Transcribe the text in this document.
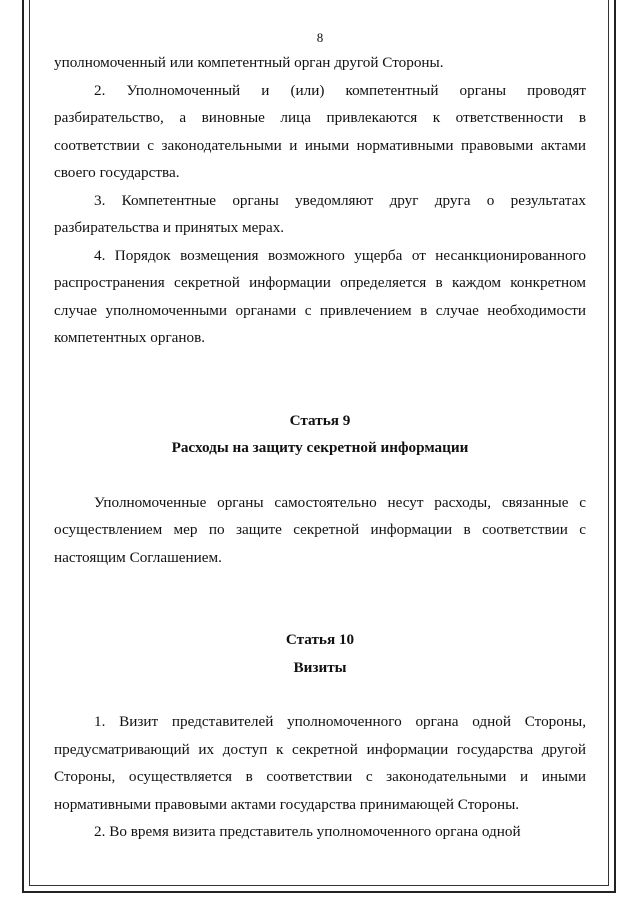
8

уполномоченный или компетентный орган другой Стороны.

2. Уполномоченный и (или) компетентный органы проводят разбирательство, а виновные лица привлекаются к ответственности в соответствии с законодательными и иными нормативными правовыми актами своего государства.

3. Компетентные органы уведомляют друг друга о результатах разбирательства и принятых мерах.

4. Порядок возмещения возможного ущерба от несанкционированного распространения секретной информации определяется в каждом конкретном случае уполномоченными органами с привлечением в случае необходимости компетентных органов.

Статья 9
Расходы на защиту секретной информации

Уполномоченные органы самостоятельно несут расходы, связанные с осуществлением мер по защите секретной информации в соответствии с настоящим Соглашением.

Статья 10
Визиты

1. Визит представителей уполномоченного органа одной Стороны, предусматривающий их доступ к секретной информации государства другой Стороны, осуществляется в соответствии с законодательными и иными нормативными правовыми актами государства принимающей Стороны.

2. Во время визита представитель уполномоченного органа одной
